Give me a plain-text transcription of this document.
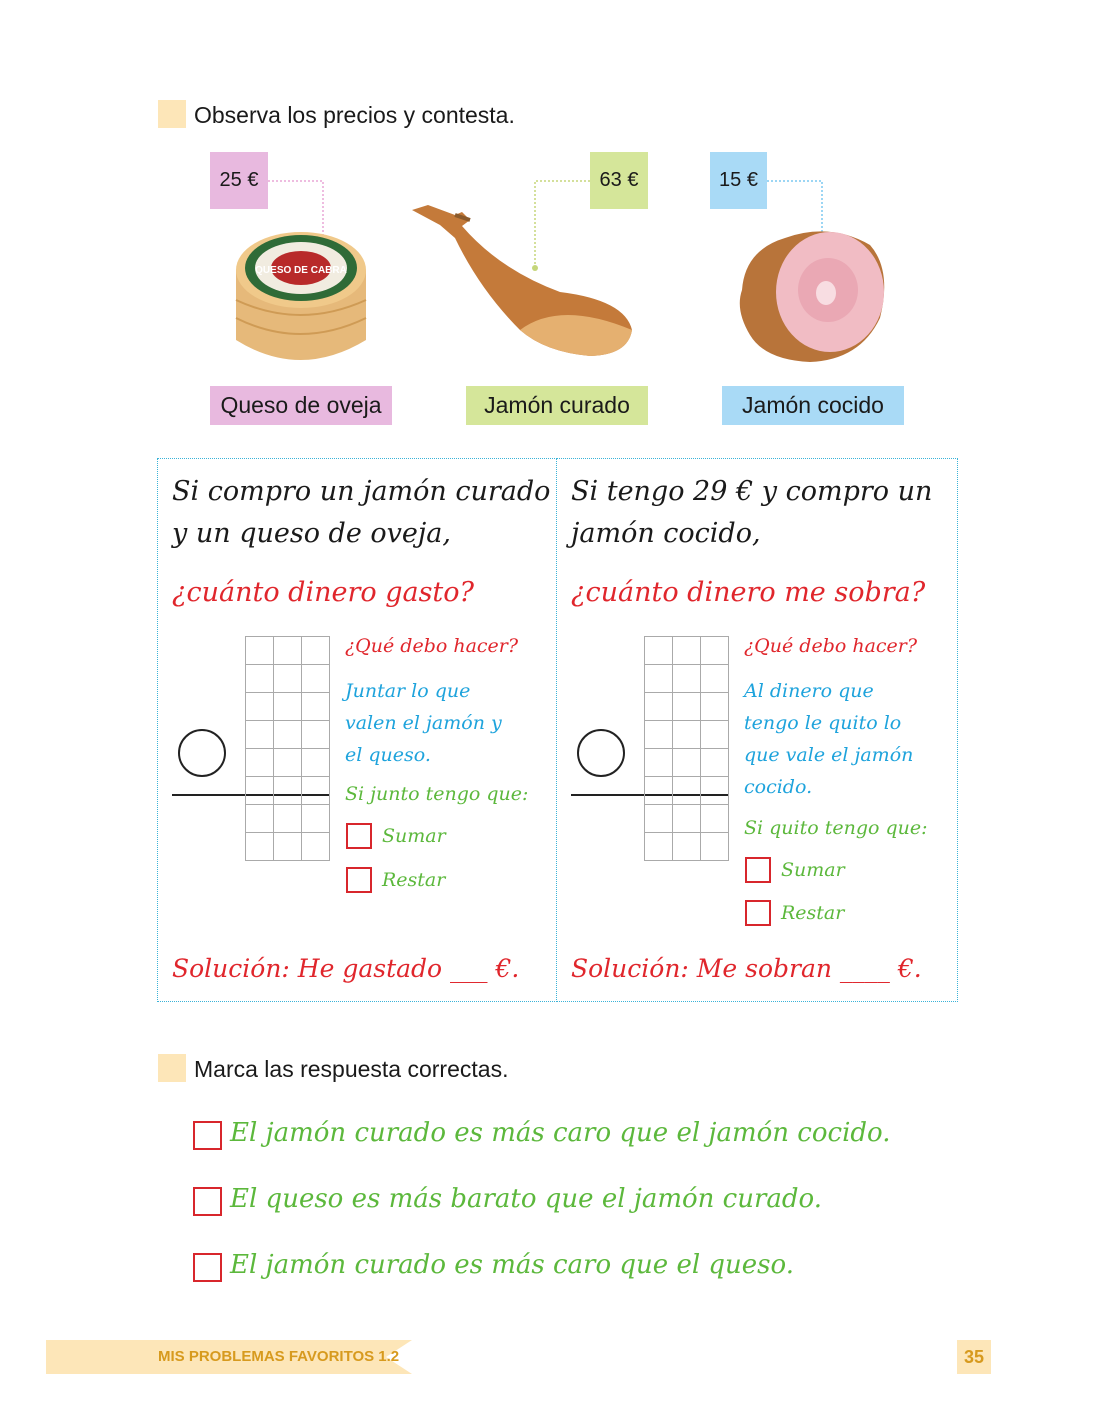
Observa los precios y contesta.
25 €	63 €	15 €
QUESO DE CABRA
Queso de oveja	Jamón curado	Jamón cocido
Si compro un jamón curado
y un queso de oveja,
¿cuánto dinero gasto?
¿Qué debo hacer?
Juntar lo que
valen el jamón y
el queso.
Si junto tengo que:
Sumar
Restar
Solución: He gastado ___ €.
Si tengo 29 € y compro un
jamón cocido,
¿cuánto dinero me sobra?
¿Qué debo hacer?
Al dinero que
tengo le quito lo
que vale el jamón
cocido.
Si quito tengo que:
Sumar
Restar
Solución: Me sobran ____ €.
Marca las respuesta correctas.
El jamón curado es más caro que el jamón cocido.
El queso es más barato que el jamón curado.
El jamón curado es más caro que el queso.
MIS PROBLEMAS FAVORITOS 1.2	35
